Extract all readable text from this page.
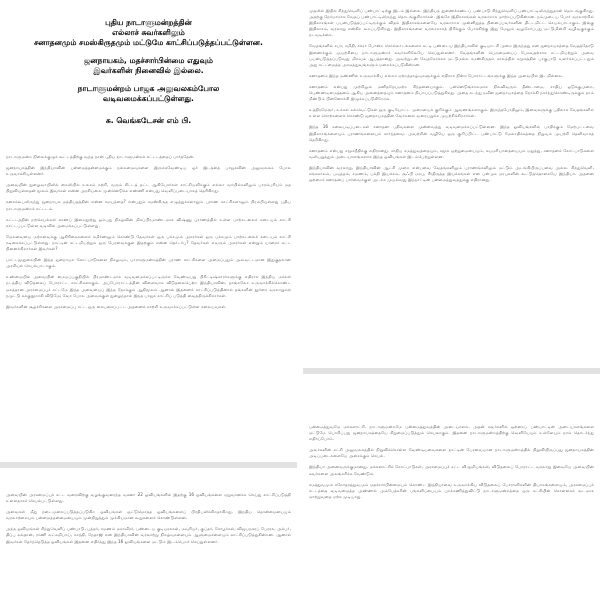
புதிய நாடாளுமன்றத்தின்
எல்லாச் சுவர்களிலும்
சனாதனமும் சமஸ்கிருதமும் மட்டுமே காட்சிப்படுத்தப்பட்டுள்ளன.
ஜனநாயகம், மதச்சார்பின்மை எதுவும்
இவர்களின் நினைவில் இல்லை.
நாடாளுமன்றம் பாஜக அலுவலகம்போல
வடிவமைக்கப்பட்டுள்ளது.
சு. வெங்கடேசன் எம் பி.

நாடாளுமன்ற நிலைக்குழுக் கூட்டத்திற்கு வந்த நான் புதிய நாடாளுமன்றக் கட்டடத்தைப் பார்த்தேன்.

ஜனநாயகத்தின் இந்தியாவின் பன்மைத்தன்மைக்கும் நல்லமைவுகளை இருக்கவேண்டிய ஓர் இடத்தை பாஜகவின் அலுவலகம் போல உருவாக்கியுள்ளனர்.

அவையின் நுழைவாயிலில் கைலியில் உலகம் சுற்றி, வரும் கிட்டத் தட்ட ஆகியோர்கள் காட்சியளிக்கும் எல்லா வாயில்களிலும் பாரம்பரியம் மத நிறுவியுள்ளதன் மூலம் இவர்கள் என்ன அரசியலை முன்னெடுக்க எண்ணி என்பது வெளிப்படையாகத் தெரிகிறது.

சனகக்கூபலிருந்து ஜனநாயக மத்தியதத்தின் என்ன சமயத்தை? என்பதும் சமஸ்கிருத எழுத்துக்களாலும் புராண காட்சிகளாலும் நிரம்பியுள்ளது புதிய நாடாளுமன்றக் கட்டடம்.

கட்டடத்தின் நற்செயல்கள் காணப் இறைநூற்று ஒம்பது நிகழ்வின் மிகப்பிரமாண்டமாக விஷ்ணு புராணத்தில் உள்ள பாற்கடலைக் கடையும் காட்சி காட்டப்பட்டுள்ள வடிவில் அமைக்கப்பட்டுள்ளது.

மேலவையை மற்றவைக்கு ஆகிரிகைகளைக் கமிர்ணலும் கொண்டு தேவர்கள் ஒரு பக்கமும் அசுரர்கள் ஒரு பக்கமும் பாற்கடலைக் கடையும் காட்சி சுடிகைக்கப்பட்டுள்ளது. நாட்டின் சட்டமியற்றும் ஒரு பேரவைக்குள் இதற்கும் என்ன தொடர்பு? தேவர்கள் எவரும் அசுரர்கள் என்றும் யாரைச் சுட்ட நினைக்கிறார்கள் இவர்கள்?

பாட்டமூதுகையின் இந்த ஐனநாயக கோட்பாடுகளை நிகழவும், பாராளுமன்றத்தின் புராண காட்சிகளை அமைப்பதும் அவ்வட்டமான இதுகுதலான அரசியல் செயல்பாடாகும்.

உண்மையில் அவையின் மையப்பகுதியில் பிரமாண்டமாக வடிவமைக்கப்பட்டிருக்க வேண்டியது பிரிட்டிஷ்காரர்களுக்கு எதிராக இந்திய மக்கள் நடத்திய விடுதலைப் போராட்ட காட்சிகளாகும். அப்போராட்டத்தின் விளைவாக விடுதலைபெற்ற இந்தியாவின், தாங்கலோ உருவாக்கிக்கொண்ட மகத்தான அரசமைப்புச் சட்டமே இந்த அவையைப் இந்த நோக்கும் ஆதிமூலம் ஆனால் இதனைக் காட்சிப்படுத்தினால் தங்களின் நூர்ரை வரலாறுகள் நமுட்டு சுக்குநூறாகி விடுமே; வோ போல அவைக்குள் நுழைந்தால் இந்த பாஜக காட்சிப் படுத்தி வைத்திருக்கிறார்கள்.

இவர்களின் சூழ்ச்சிகளை அரசமைப்பு சட்ட ஒரு கையசைப்பட்ட அதனைக் காற்றி உருவாக்கப்பட்டுள்ள கலையவுகள்.

அவையின் அரசமைப்புச் சட்ட வரைவிற்கு வழங்குவரைந்த வசனா 22 ஓவியங்களில் இதற்கு 16 ஓவியங்களை ஏறுவானக்க செய்து காட்சிப்படுத்தி உள்ளதாகச் செயல்பட்டுள்ளது.

அவைகள் மீது நடைமுறைப்படுத்தப்படுகிற ஓவியங்கள் ஒட்டுமொத்த ஓவியங்களைப் பிரதிபலிக்கிறதாகிறது. இந்திய தொன்மையையும் வரலாற்றையும் பன்மைத்தன்மையையும் முன்நிறுத்தும் முக்கியமான கூறுகளைக் கொண்டுள்ளன.

அந்த ஓவியங்கள் சிந்துவெளிப் பண்பாடு, புத்தர், சமணம் மகாவீரர், பண்டைய குடியரசுகள், மவுரியர், குப்தர், சோழர்கள், விஜயநகரப் பேரரசு, அக்பர், திப்பு சுல்தான், ராணி லட்சுமிபாய், காந்தி, நேதாஜி என இந்தியாவின் வரலாற்று நிகழ்வுகளையும் ஆளுமைகளையும் காட்சிப்படுத்துகின்றன. ஆனால் இவர்கள் தேர்ந்தெடுத்த ஓவியங்கள் இதனை எதிர்த்து இந்த 16 ஓவியங்களை மட்டும் இடம்பெறச் செய்துள்ளனர்.

முதலில் இதில் சிந்துவெளிப் பண்பாட்டிற்கு இடம் இல்லை. இந்தியத் துணைக்கண்டப் பண்பாடு சிந்துவெளிப் பண்பாட்டிலிருந்துதான் தொடங்குகிறது. அதற்கு நேர்மாறாக வேதப் பண்பாட்டிலிருந்து தொடங்குகிறார்கள். இங்கே இதிகாசங்கள் வரலாறாக மாற்றப்படுகின்றன. நம்முடைய போர் வரலாற்றில் இதிகாசங்கள் பயன்படுத்தப்பட்டிருக்கும் விதம் இதிகாசங்களையே வரலாறாக முன்னிறுத்த நினைப்பவர்களின் திட்டமிட்ட செயல்பாடாகும். இங்கு இதிகாசம், வரலாறு என்கிற கூறப்படுகிறது. இதிகாசங்களை வரலாறாகத் திரிக்கும் போக்கிற்கு இது மேலும் வலுசேர்ப்பது மட்டுமின்றி வழிவகுக்கும் நடவடிக்கை.

வேதங்களில் சபா, சமிதி, சக்ரா போன்ற சொல்லாடல்களைச் சுட்டி பண்டைய இந்தியாவில் குடியாட்சி முறை இருந்தது என ஜனநாயகத்தை வேதத்தோடு இணைக்கும் முயற்சியை நாடாளுமன்றச் சுவர்களிலேயே செய்துள்ளனர். வேதங்களின் பெருமையைப் பேசுவதற்காக சட்டமியற்றும் அவை பயன்படுத்தப்படுவது மிகவும் ஆபத்தானது. அவற்றுடன் வேதகோக்கக மட்டுமல்ல சமஸ்கிருதம் காலத்தில் சமூகத்தில் பாகுபாடு வளர்க்கப்பட்டதும் அது கட்டமைத்த அசமத்துவங்களும் மறைக்கப்படுகின்றன.

சனாதனம் இந்த மண்ணில் உருவாக்கிய எல்லா ஏற்றத்தாழ்வுகளுக்கும் எதிராக நின்ற போராட்டங்களுக்கு இந்த அவையில் இடமில்லை.

சனாதனம் என்பது முற்றிலும் மனிதநேயமற்ற சிந்தனையாகும். பன்னெடுங்காலமாக நிலவிவரும் தீண்டாமை, சாதிய ஒடுக்குமுறை, பெண்ணடிமைத்தனம் ஆகிய அனைத்தையும் சனாதனம் நியாயப்படுத்துகிறது. அதை கடந்து நவீன ஜனநாயகத்தை நோக்கி நகர்ந்துகொண்டிருக்கும் நாம் மீண்டும் பின்னோக்கி இழுக்கப்படுகிறோம்.

உத்திரமேரூர், உக்கல் கல்வெட்டுகள் ஒரு குடியோட்ட முறையைக் குறிக்கும் ஆவணங்களாகும். இருந்தபோதிலும், இவைகளுக்கு பதிலாக வேதங்களில் உள்ள சொற்களைக் கொண்டு ஜனநாயகத்தின் வேர்களை வரையறுக்க முயற்சிக்கிறார்கள்.

இந்த 16 கலையடிப்படைகள் சனாதன பதிவுகளை முன்வைத்து வடிவமைக்கப்பட்டுள்ளன. இந்த ஓவியங்களில் பாதிக்கும் மேற்பட்டவை இதிகாசங்களையும் புராணங்களையும் சார்ந்தவை. அவற்றின் வழியே ஒரு குறிப்பிட்ட பண்பாட்டு மேலாதிக்கத்தை நிறுவும் முயற்சி தெளிவாகத் தெரிகிறது.

சனாதனம் என்பது சமூகநீதிக்கு எதிரானது. சாதிய சமத்துவத்தையும், சமூக ஒற்றுமையையும், சுயமரியாதையையும் மறுத்து, சனாதனக் கோட்பாடுகளை வலியுறுத்தும் அடையாளங்களாக இந்த ஓவியங்கள் இடம்பெற்றுள்ளன.

இந்தியாவின் வரலாறு, இந்தியாவின் ஆட்சி முறை என்பவை வேதங்களிலும் புராணங்களிலும் மட்டும் அடங்கியிருப்பவை அல்ல. சிந்துவெளி, சங்ககாலம், பவுத்தம், சமணம், பக்தி இயக்கம், சூஃபி மரபு, சீர்திருத்த இயக்கங்கள் என பன்முக மரபுகளின் கூட்டுத்தொகையே இந்தியா. அதனை ஒற்றைச் சனாதனப் பார்வைக்குள் அடக்க முயல்வது இந்நாட்டின் பன்மைத்துவத்துக்கு எதிரானது.

பன்மைத்துவமே மக்களாட்சி. நாடாளுமன்றமே பன்மைத்துவத்தின் அடையாளம். அதன் சுவர்களில் ஒற்றைப் பண்பாட்டின் அடையாளங்களை மட்டுமே பொறிப்பது ஜனநாயகத்தையே சிறுமைப்படுத்தும் செயலாகும். இதனை நாடாளுமன்றத்திற்கு வெளியேயும் உள்ளேயும் நாம் தொடர்ந்து எதிர்ப்போம்.

அவர்களின் கட்சி அலுவலகத்தில் நிறுவிக்கொள்ள வேண்டியவைகளை நாட்டின் பேரவையான நாடாளுமன்றத்தில் நிறுவியிருப்பது ஜனநாயகத்தின் அடிப்படைகளையே அசைக்கும் செயல்.

இந்தியா அனைவருக்குமானது. மக்களாட்சிக் கோட்பாடுகள், அரசமைப்புச் சட்ட விழுமியங்கள், விடுதலைப் போராட்ட வரலாறு இவையே அவையின் சுவர்களை அலங்கரிக்க வேண்டும்.

சமத்துவமும் சகோதரத்துவமும் மதச்சார்பின்மையும் கொண்ட இந்தியாவை உருவாக்கிய விடுதலைப் போராளிகளின் தியாகங்களையும், அரசமைப்புச் சட்டத்தை வடிவமைத்த அண்ணல் அம்பேத்கரின் பங்களிப்பையும் புறக்கணித்துவிட்டு நாடாளுமன்றத்தை ஒரு கட்சியின் கொள்கைக் கூடமாக மாற்றுவதை ஏற்க முடியாது.
